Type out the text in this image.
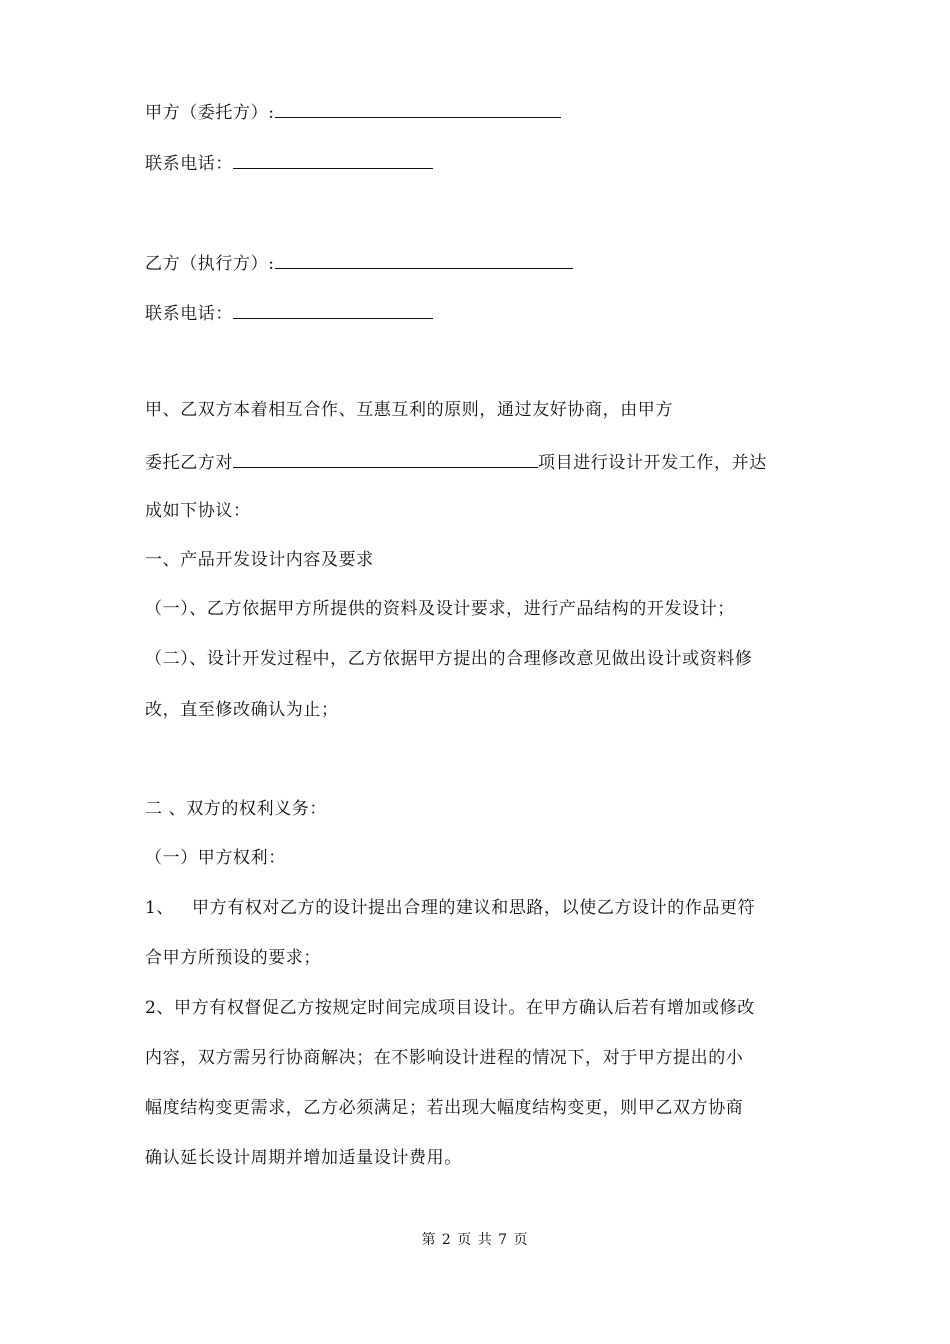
甲方（委托方）:
联系电话：
乙方（执行方）:
联系电话：
甲、乙双方本着相互合作、互惠互利的原则，通过友好协商，由甲方
委托乙方对	项目进行设计开发工作，并达
成如下协议：
一、产品开发设计内容及要求
（一）、乙方依据甲方所提供的资料及设计要求，进行产品结构的开发设计；
（二）、设计开发过程中，乙方依据甲方提出的合理修改意见做出设计或资料修
改，直至修改确认为止；
二 、双方的权利义务：
（一）甲方权利：
1、   甲方有权对乙方的设计提出合理的建议和思路，以使乙方设计的作品更符
合甲方所预设的要求；
2、甲方有权督促乙方按规定时间完成项目设计。在甲方确认后若有增加或修改
内容，双方需另行协商解决；在不影响设计进程的情况下，对于甲方提出的小
幅度结构变更需求，乙方必须满足；若出现大幅度结构变更，则甲乙双方协商
确认延长设计周期并增加适量设计费用。
第 2 页 共 7 页
